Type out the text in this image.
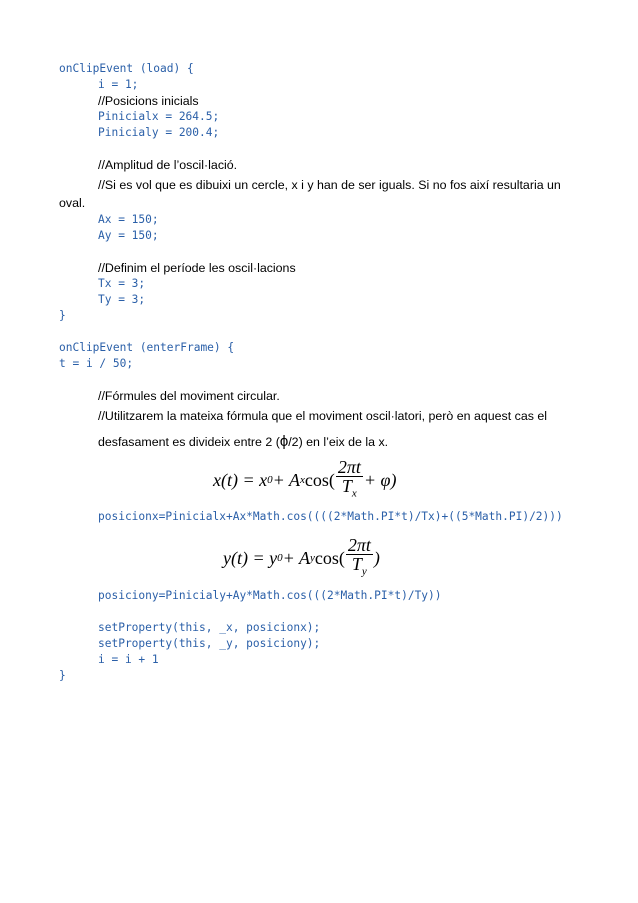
onClipEvent (load) {

i = 1;

//Posicions inicials

Pinicialx = 264.5;

Pinicialy = 200.4;

//Amplitud de l’oscil·lació.

//Si es vol que es dibuixi un cercle, x i y han de ser iguals. Si no fos així resultaria un

oval.

Ax = 150;

Ay = 150;

//Definim el període les oscil·lacions

Tx = 3;

Ty = 3;

}

onClipEvent (enterFrame) {

t = i / 50;

//Fórmules del moviment circular.

//Utilitzarem la mateixa fórmula que el moviment oscil·latori, però en aquest cas el

desfasament es divideix entre 2 (ϕ/2) en l’eix de la x.

x(t) = x 0 + A x $\cos( \frac{2\pi t}{T_x} + \varphi)$

posicionx=Pinicialx+Ax*Math.cos((((2*Math.PI*t)/Tx)+((5*Math.PI)/2)))

y(t) = y 0 + A y $\cos( \frac{2\pi t}{T_y}$ )

posiciony=Pinicialy+Ay*Math.cos(((2*Math.PI*t)/Ty))

setProperty(this, _x, posicionx);

setProperty(this, _y, posiciony);

i = i + 1

}
